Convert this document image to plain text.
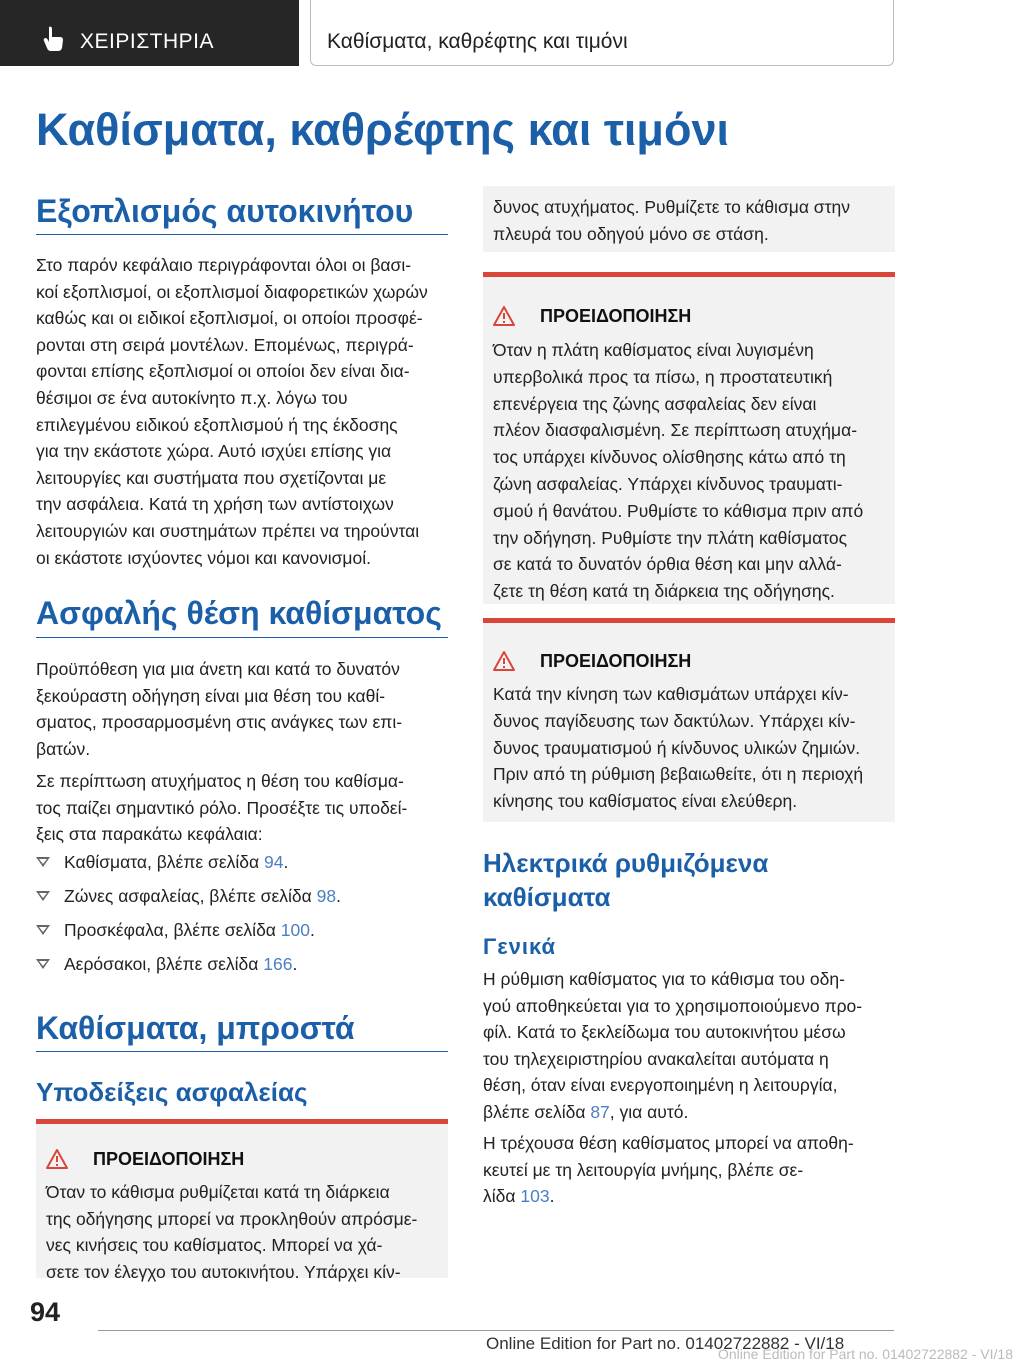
ΧΕΙΡΙΣΤΗΡΙΑ	Καθίσματα, καθρέφτης και τιμόνι
Καθίσματα, καθρέφτης και τιμόνι
Εξοπλισμός αυτοκινήτου
Στο παρόν κεφάλαιο περιγράφονται όλοι οι βασι‐
κοί εξοπλισμοί, οι εξοπλισμοί διαφορετικών χωρών
καθώς και οι ειδικοί εξοπλισμοί, οι οποίοι προσφέ‐
ρονται στη σειρά μοντέλων. Επομένως, περιγρά‐
φονται επίσης εξοπλισμοί οι οποίοι δεν είναι δια‐
θέσιμοι σε ένα αυτοκίνητο π.χ. λόγω του
επιλεγμένου ειδικού εξοπλισμού ή της έκδοσης
για την εκάστοτε χώρα. Αυτό ισχύει επίσης για
λειτουργίες και συστήματα που σχετίζονται με
την ασφάλεια. Κατά τη χρήση των αντίστοιχων
λειτουργιών και συστημάτων πρέπει να τηρούνται
οι εκάστοτε ισχύοντες νόμοι και κανονισμοί.
Ασφαλής θέση καθίσματος
Προϋπόθεση για μια άνετη και κατά το δυνατόν
ξεκούραστη οδήγηση είναι μια θέση του καθί‐
σματος, προσαρμοσμένη στις ανάγκες των επι‐
βατών.
Σε περίπτωση ατυχήματος η θέση του καθίσμα‐
τος παίζει σημαντικό ρόλο. Προσέξτε τις υποδεί‐
ξεις στα παρακάτω κεφάλαια:
Καθίσματα, βλέπε σελίδα 94.
Ζώνες ασφαλείας, βλέπε σελίδα 98.
Προσκέφαλα, βλέπε σελίδα 100.
Αερόσακοι, βλέπε σελίδα 166.
Καθίσματα, μπροστά
Υποδείξεις ασφαλείας
ΠΡΟΕΙΔΟΠΟΙΗΣΗ
Όταν το κάθισμα ρυθμίζεται κατά τη διάρκεια
της οδήγησης μπορεί να προκληθούν απρόσμε‐
νες κινήσεις του καθίσματος. Μπορεί να χά‐
σετε τον έλεγχο του αυτοκινήτου. Υπάρχει κίν‐
δυνος ατυχήματος. Ρυθμίζετε το κάθισμα στην
πλευρά του οδηγού μόνο σε στάση.
ΠΡΟΕΙΔΟΠΟΙΗΣΗ
Όταν η πλάτη καθίσματος είναι λυγισμένη
υπερβολικά προς τα πίσω, η προστατευτική
επενέργεια της ζώνης ασφαλείας δεν είναι
πλέον διασφαλισμένη. Σε περίπτωση ατυχήμα‐
τος υπάρχει κίνδυνος ολίσθησης κάτω από τη
ζώνη ασφαλείας. Υπάρχει κίνδυνος τραυματι‐
σμού ή θανάτου. Ρυθμίστε το κάθισμα πριν από
την οδήγηση. Ρυθμίστε την πλάτη καθίσματος
σε κατά το δυνατόν όρθια θέση και μην αλλά‐
ζετε τη θέση κατά τη διάρκεια της οδήγησης.
ΠΡΟΕΙΔΟΠΟΙΗΣΗ
Κατά την κίνηση των καθισμάτων υπάρχει κίν‐
δυνος παγίδευσης των δακτύλων. Υπάρχει κίν‐
δυνος τραυματισμού ή κίνδυνος υλικών ζημιών.
Πριν από τη ρύθμιση βεβαιωθείτε, ότι η περιοχή
κίνησης του καθίσματος είναι ελεύθερη.
Ηλεκτρικά ρυθμιζόμενα
καθίσματα
Γενικά
Η ρύθμιση καθίσματος για το κάθισμα του οδη‐
γού αποθηκεύεται για το χρησιμοποιούμενο προ‐
φίλ. Κατά το ξεκλείδωμα του αυτοκινήτου μέσω
του τηλεχειριστηρίου ανακαλείται αυτόματα η
θέση, όταν είναι ενεργοποιημένη η λειτουργία,
βλέπε σελίδα 87, για αυτό.
Η τρέχουσα θέση καθίσματος μπορεί να αποθη‐
κευτεί με τη λειτουργία μνήμης, βλέπε σε‐
λίδα 103.
94
Online Edition for Part no. 01402722882 - VI/18
Online Edition for Part no. 01402722882 - VI/18
